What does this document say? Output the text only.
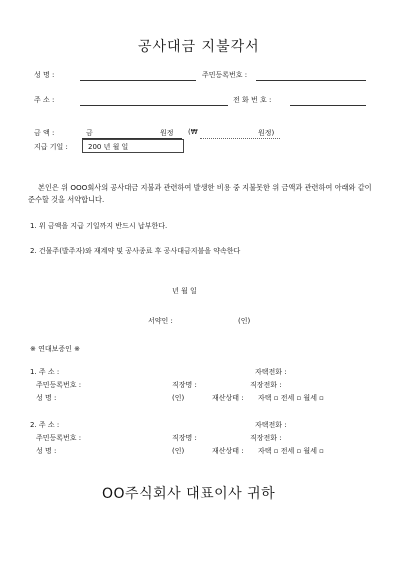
공사대금 지불각서
성 명 :	주민등록번호 :
주 소 :	전 화 번 호 :
금 액 :	금	원정 (₩	원정)
지급 기일 :	200 년 월 일
본인은 위 OOO회사의 공사대금 지불과 관련하여 발생한 비용 중 지불못한 위 금액과 관련하여 아래와 같이 준수할 것을 서약합니다.
1. 위 금액을 지급 기일까지 반드시 납부한다.
2. 건물주(발주자)와 재계약 및 공사종료 후 공사대금지불을 약속한다
년 월 일
서약인 :	(인)
※ 연대보증인 ※
1. 주 소 :	자택전화 :
주민등록번호 :	직장명 :	직장전화 :
성 명 :	(인)	재산상태 : 자택 ▫ 전세 ▫ 월세 ▫
2. 주 소 :	자택전화 :
주민등록번호 :	직장명 :	직장전화 :
성 명 :	(인)	재산상태 : 자택 ▫ 전세 ▫ 월세 ▫
OO주식회사 대표이사 귀하
